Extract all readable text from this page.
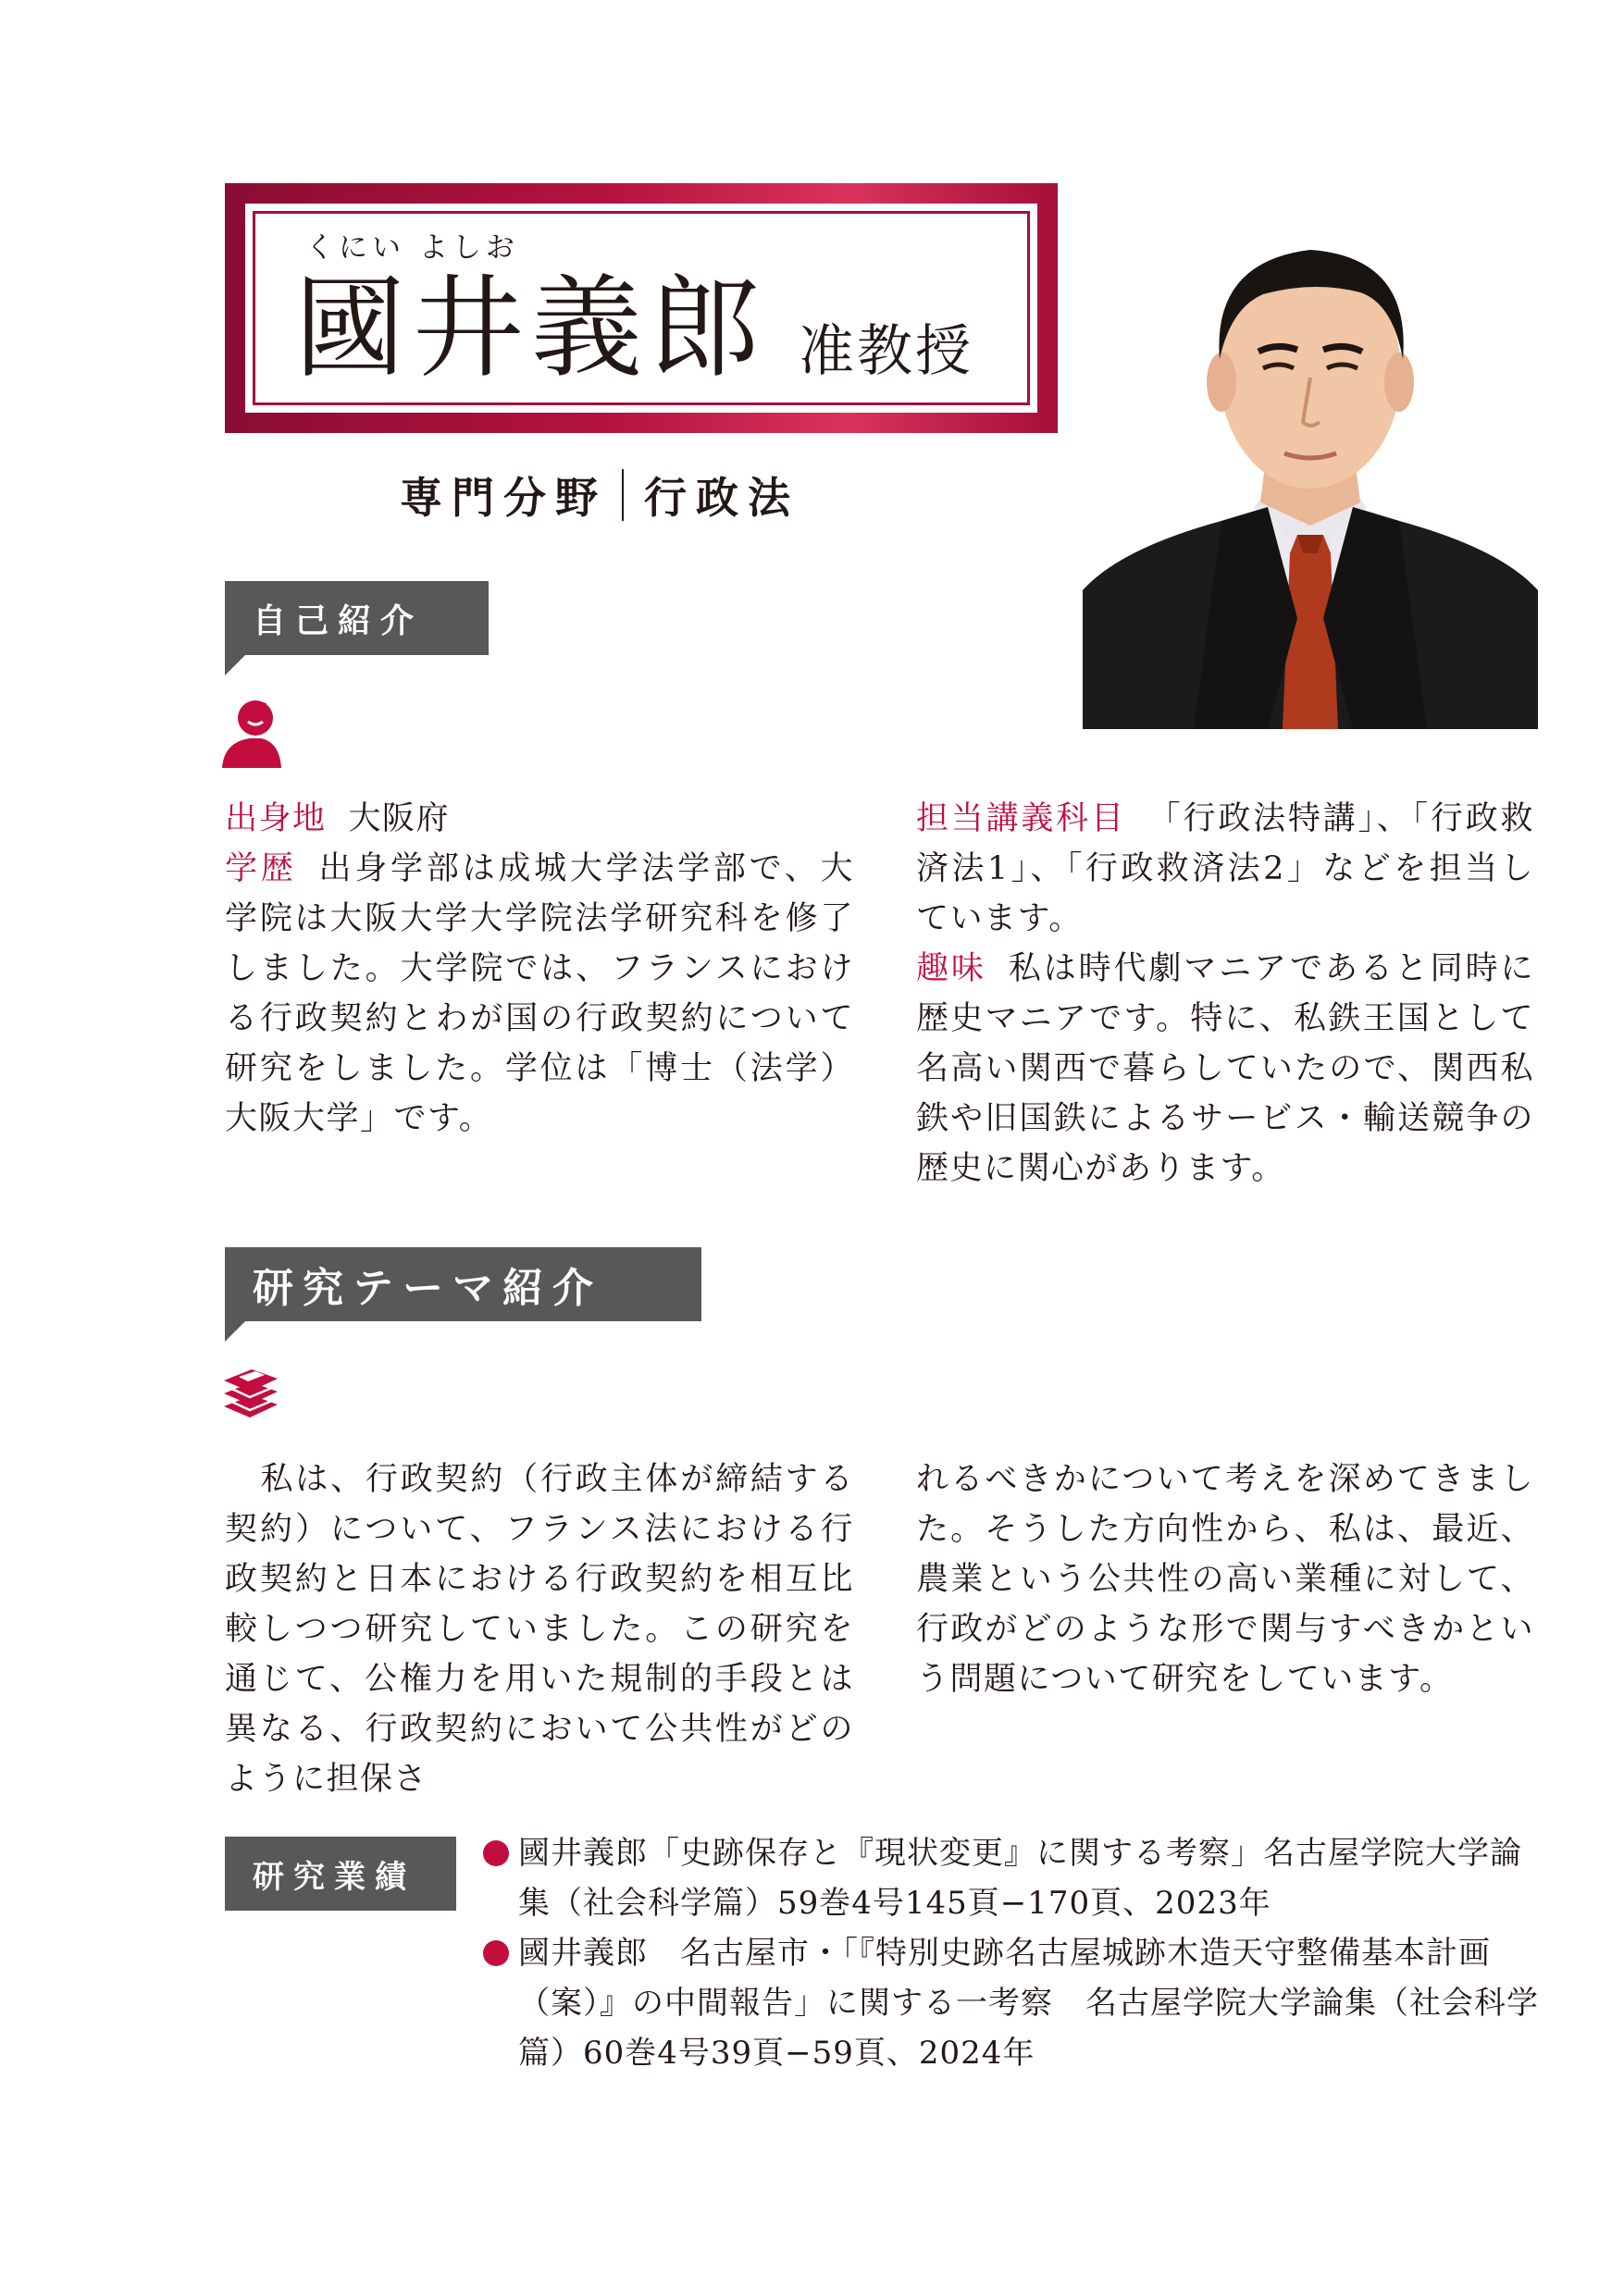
くにい よしお
國井義郎 准教授
専門分野 行政法
自己紹介

出身地 大阪府

学歴 出身学部は成城大学法学部で、大学院は大阪大学大学院法学研究科を修了しました。大学院では、フランスにおける行政契約とわが国の行政契約について研究をしました。学位は「博士（法学）大阪大学」です。

担当講義科目 「行政法特講」、「行政救済法1」、「行政救済法2」などを担当しています。

趣味 私は時代劇マニアであると同時に歴史マニアです。特に、私鉄王国として名高い関西で暮らしていたので、関西私鉄や旧国鉄によるサービス・輸送競争の歴史に関心があります。

研究テーマ紹介

私は、行政契約（行政主体が締結する契約）について、フランス法における行政契約と日本における行政契約を相互比較しつつ研究していました。この研究を通じて、公権力を用いた規制的手段とは異なる、行政契約において公共性がどのように担保さ

れるべきかについて考えを深めてきました。そうした方向性から、私は、最近、農業という公共性の高い業種に対して、行政がどのような形で関与すべきかという問題について研究をしています。

研究業績
國井義郎「史跡保存と『現状変更』に関する考察」名古屋学院大学論集（社会科学篇）59巻4号145頁−170頁、2023年
國井義郎　名古屋市・「『特別史跡名古屋城跡木造天守整備基本計画（案）』の中間報告」に関する一考察　名古屋学院大学論集（社会科学篇）60巻4号39頁−59頁、2024年
